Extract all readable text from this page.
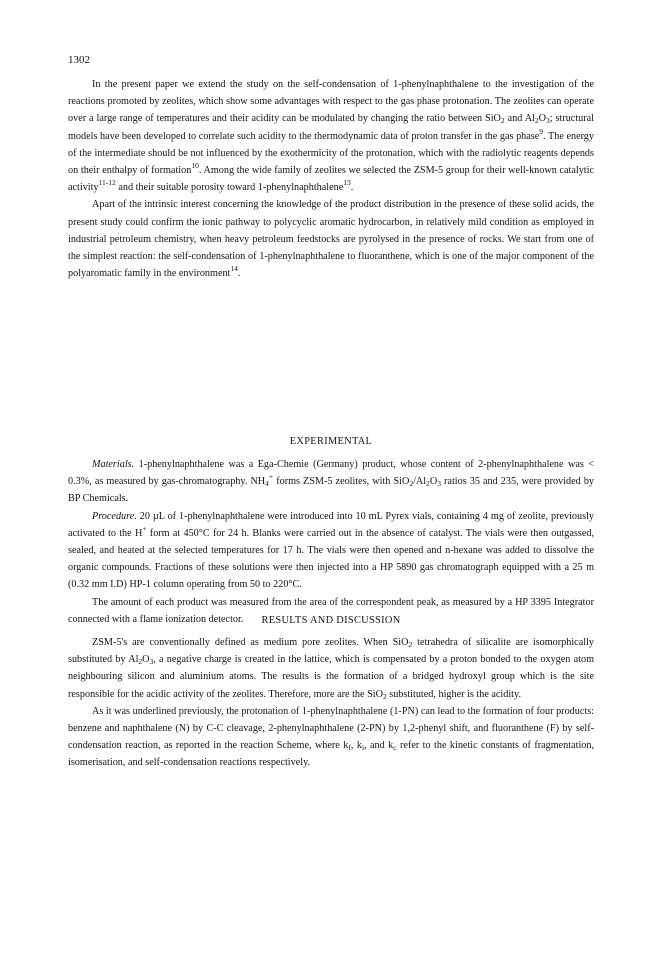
1302

In the present paper we extend the study on the self-condensation of 1-phenylnaphthalene to the investigation of the reactions promoted by zeolites, which show some advantages with respect to the gas phase protonation. The zeolites can operate over a large range of temperatures and their acidity can be modulated by changing the ratio between SiO$_2$ and $Al_2O_3$; structural models have been developed to correlate such acidity to the thermodynamic data of proton transfer in the gas phase$^9$. The energy of the intermediate should be not influenced by the exothermicity of the protonation, which with the radiolytic reagents depends on their enthalpy of formation$^{10}$. Among the wide family of zeolites we selected the ZSM-5 group for their well-known catalytic activity$^{11-12}$ and their suitable porosity toward 1-phenylnaphthalene$^{13}$.

Apart of the intrinsic interest concerning the knowledge of the product distribution in the presence of these solid acids, the present study could confirm the ionic pathway to polycyclic aromatic hydrocarbon, in relatively mild condition as employed in industrial petroleum chemistry, when heavy petroleum feedstocks are pyrolysed in the presence of rocks. We start from one of the simplest reaction: the self-condensation of 1-phenylnaphthalene to fluoranthene, which is one of the major component of the polyaromatic family in the environment$^{14}$.

EXPERIMENTAL

Materials. 1-phenylnaphthalene was a Ega-Chemie (Germany) product, whose content of 2-phenylnaphthalene was < 0.3%, as measured by gas-chromatography. $NH_4^+$ forms ZSM-5 zeolites, with $SiO_2/Al_2O_3$ ratios 35 and 235, were provided by BP Chemicals.

Procedure. 20 µL of 1-phenylnaphthalene were introduced into 10 mL Pyrex vials, containing 4 mg of zeolite, previously activated to the H+ form at 450°C for 24 h. Blanks were carried out in the absence of catalyst. The vials were then outgassed, sealed, and heated at the selected temperatures for 17 h. The vials were then opened and n-hexane was added to dissolve the organic compounds. Fractions of these solutions were then injected into a HP 5890 gas chromatograph equipped with a 25 m (0.32 mm I.D) HP-1 column operating from 50 to 220°C.

The amount of each product was measured from the area of the correspondent peak, as measured by a HP 3395 Integrator connected with a flame ionization detector.	RESULTS AND DISCUSSION

ZSM-5's are conventionally defined as medium pore zeolites. When SiO$_2$ tetrahedra of silicalite are isomorphically substituted by $Al_2O_3$, a negative charge is created in the lattice, which is compensated by a proton bonded to the oxygen atom neighbouring silicon and aluminium atoms. The results is the formation of a bridged hydroxyl group which is the site responsible for the acidic activity of the zeolites. Therefore, more are the SiO$_2$ substituted, higher is the acidity.

As it was underlined previously, the protonation of 1-phenylnaphthalene (1-PN) can lead to the formation of four products: benzene and naphthalene (N) by C-C cleavage, 2-phenylnaphthalene (2-PN) by 1,2-phenyl shift, and fluoranthene (F) by self-condensation reaction, as reported in the reaction Scheme, where $k_f$, $k_i$, and $k_c$ refer to the kinetic constants of fragmentation, isomerisation, and self-condensation reactions respectively.
